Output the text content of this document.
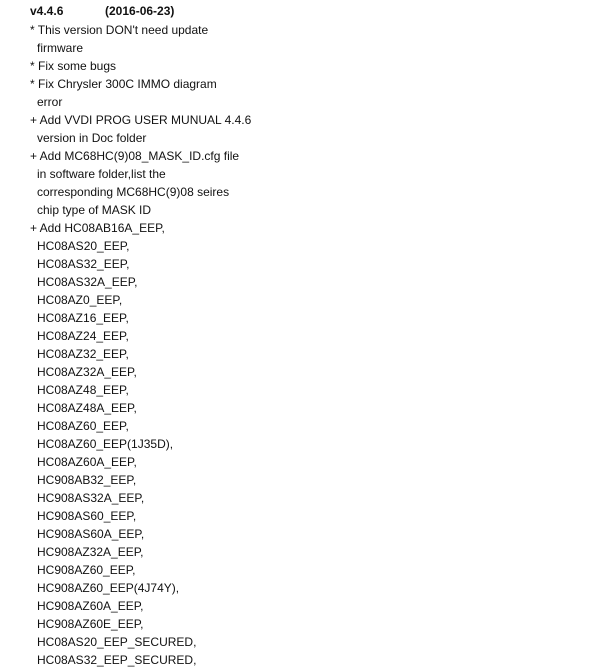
v4.4.6	(2016-06-23)
* This version DON't need update
firmware
* Fix some bugs
* Fix Chrysler 300C IMMO diagram
error
+ Add VVDI PROG USER MUNUAL 4.4.6
version in Doc folder
+ Add MC68HC(9)08_MASK_ID.cfg file
in software folder,list the
corresponding MC68HC(9)08 seires
chip type of MASK ID
+ Add HC08AB16A_EEP,
HC08AS20_EEP,
HC08AS32_EEP,
HC08AS32A_EEP,
HC08AZ0_EEP,
HC08AZ16_EEP,
HC08AZ24_EEP,
HC08AZ32_EEP,
HC08AZ32A_EEP,
HC08AZ48_EEP,
HC08AZ48A_EEP,
HC08AZ60_EEP,
HC08AZ60_EEP(1J35D),
HC08AZ60A_EEP,
HC908AB32_EEP,
HC908AS32A_EEP,
HC908AS60_EEP,
HC908AS60A_EEP,
HC908AZ32A_EEP,
HC908AZ60_EEP,
HC908AZ60_EEP(4J74Y),
HC908AZ60A_EEP,
HC908AZ60E_EEP,
HC08AS20_EEP_SECURED,
HC08AS32_EEP_SECURED,
